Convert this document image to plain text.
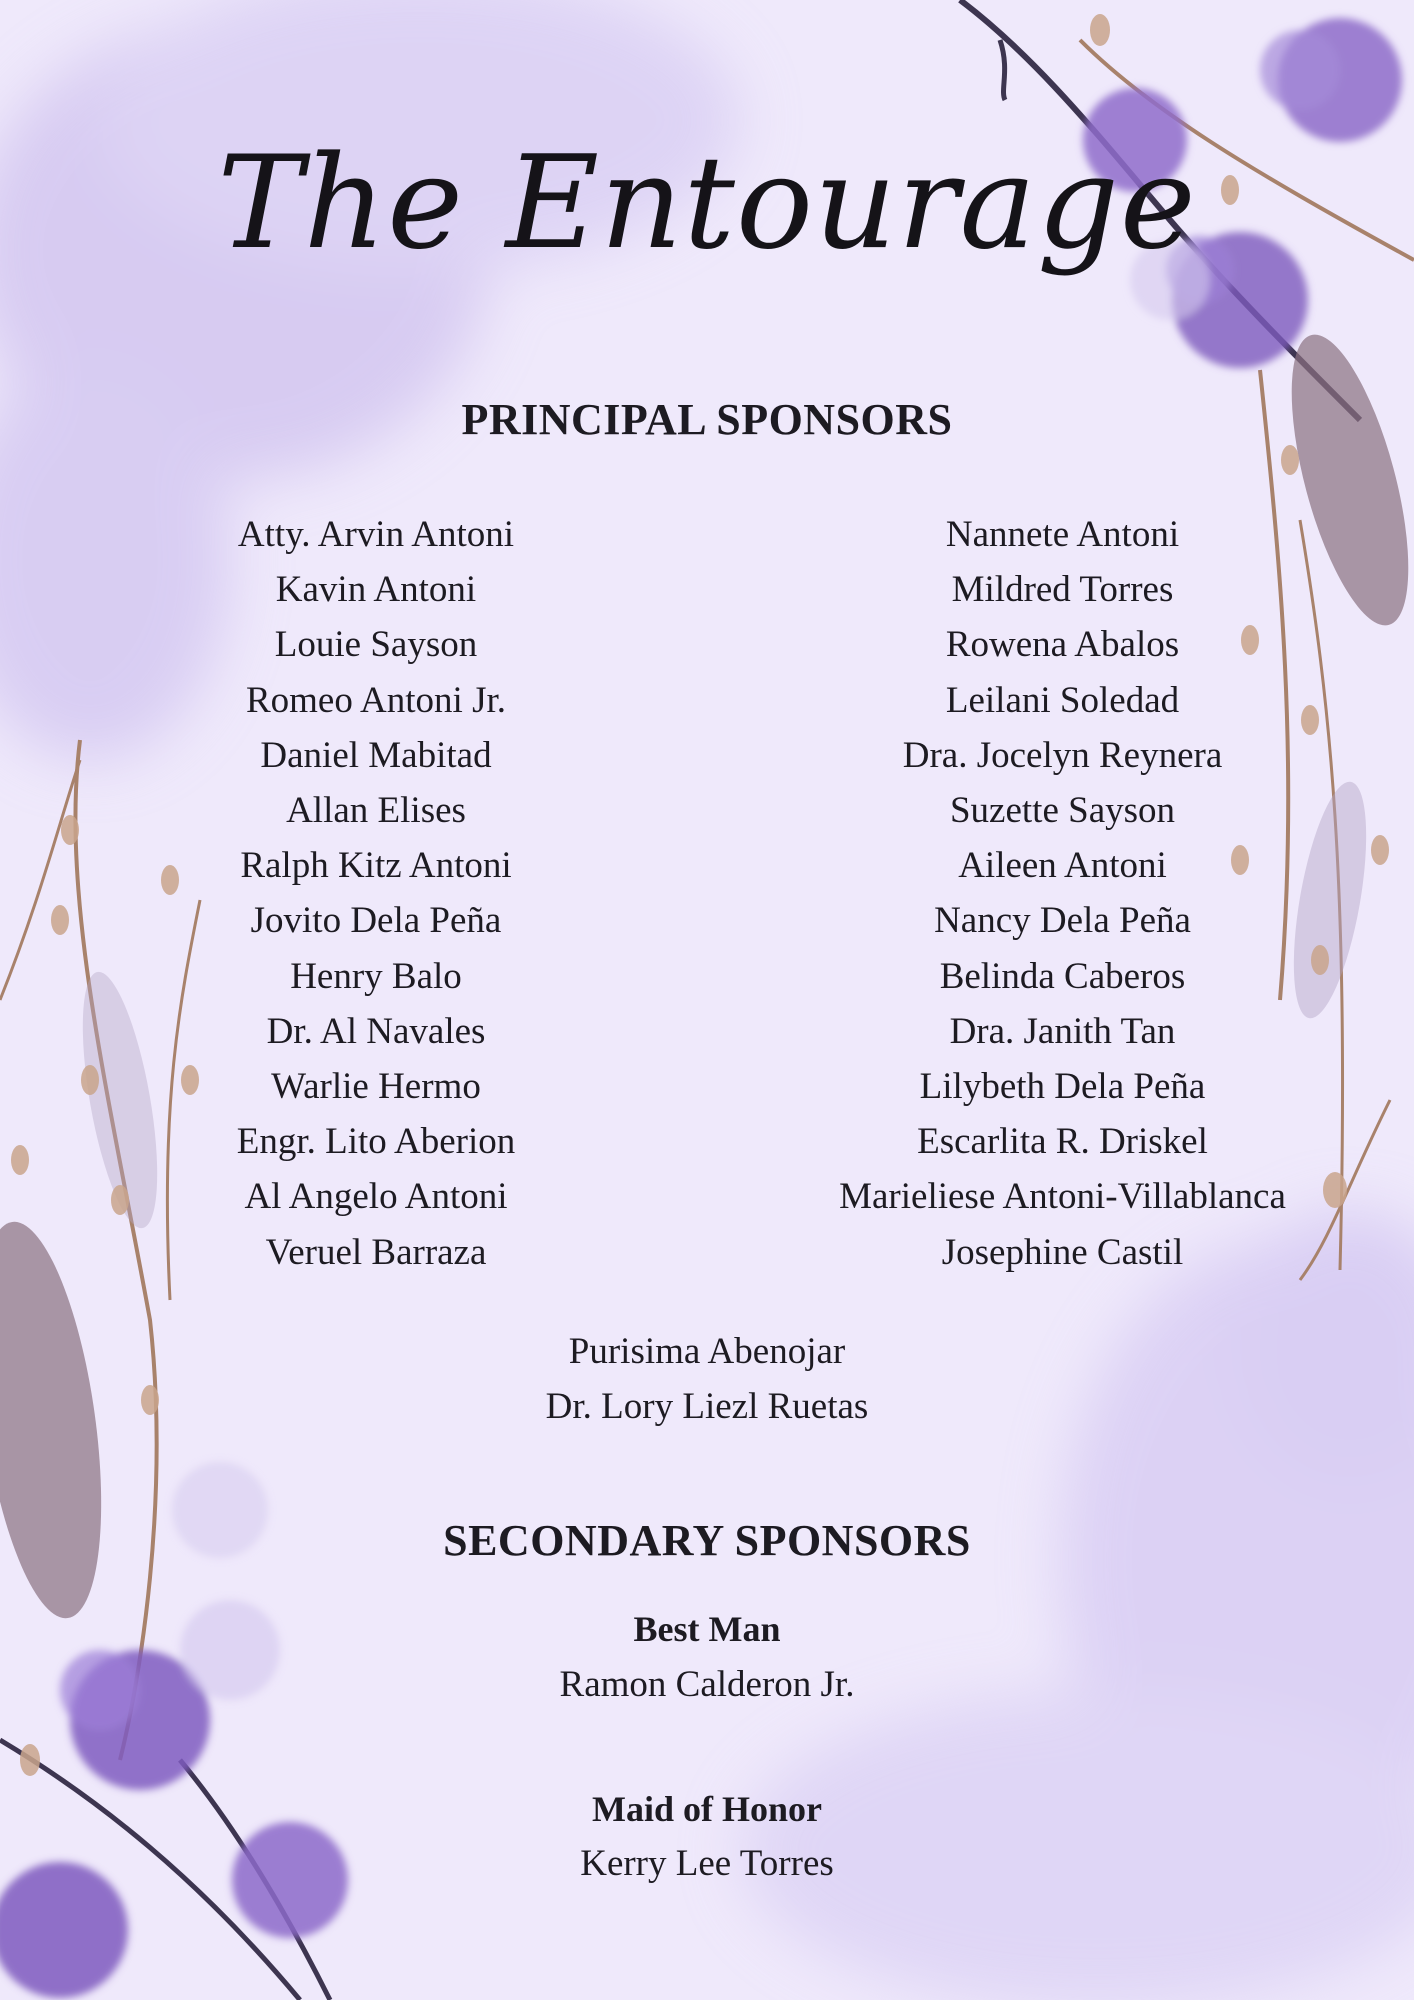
The Entourage
PRINCIPAL SPONSORS
Atty. Arvin Antoni
Kavin Antoni
Louie Sayson
Romeo Antoni Jr.
Daniel Mabitad
Allan Elises
Ralph Kitz Antoni
Jovito Dela Peña
Henry Balo
Dr. Al Navales
Warlie Hermo
Engr. Lito Aberion
Al Angelo Antoni
Veruel Barraza
Nannete Antoni
Mildred Torres
Rowena Abalos
Leilani Soledad
Dra. Jocelyn Reynera
Suzette Sayson
Aileen Antoni
Nancy Dela Peña
Belinda Caberos
Dra. Janith Tan
Lilybeth Dela Peña
Escarlita R. Driskel
Marieliese Antoni-Villablanca
Josephine Castil
Purisima Abenojar
Dr. Lory Liezl Ruetas
SECONDARY SPONSORS
Best Man
Ramon Calderon Jr.
Maid of Honor
Kerry Lee Torres
